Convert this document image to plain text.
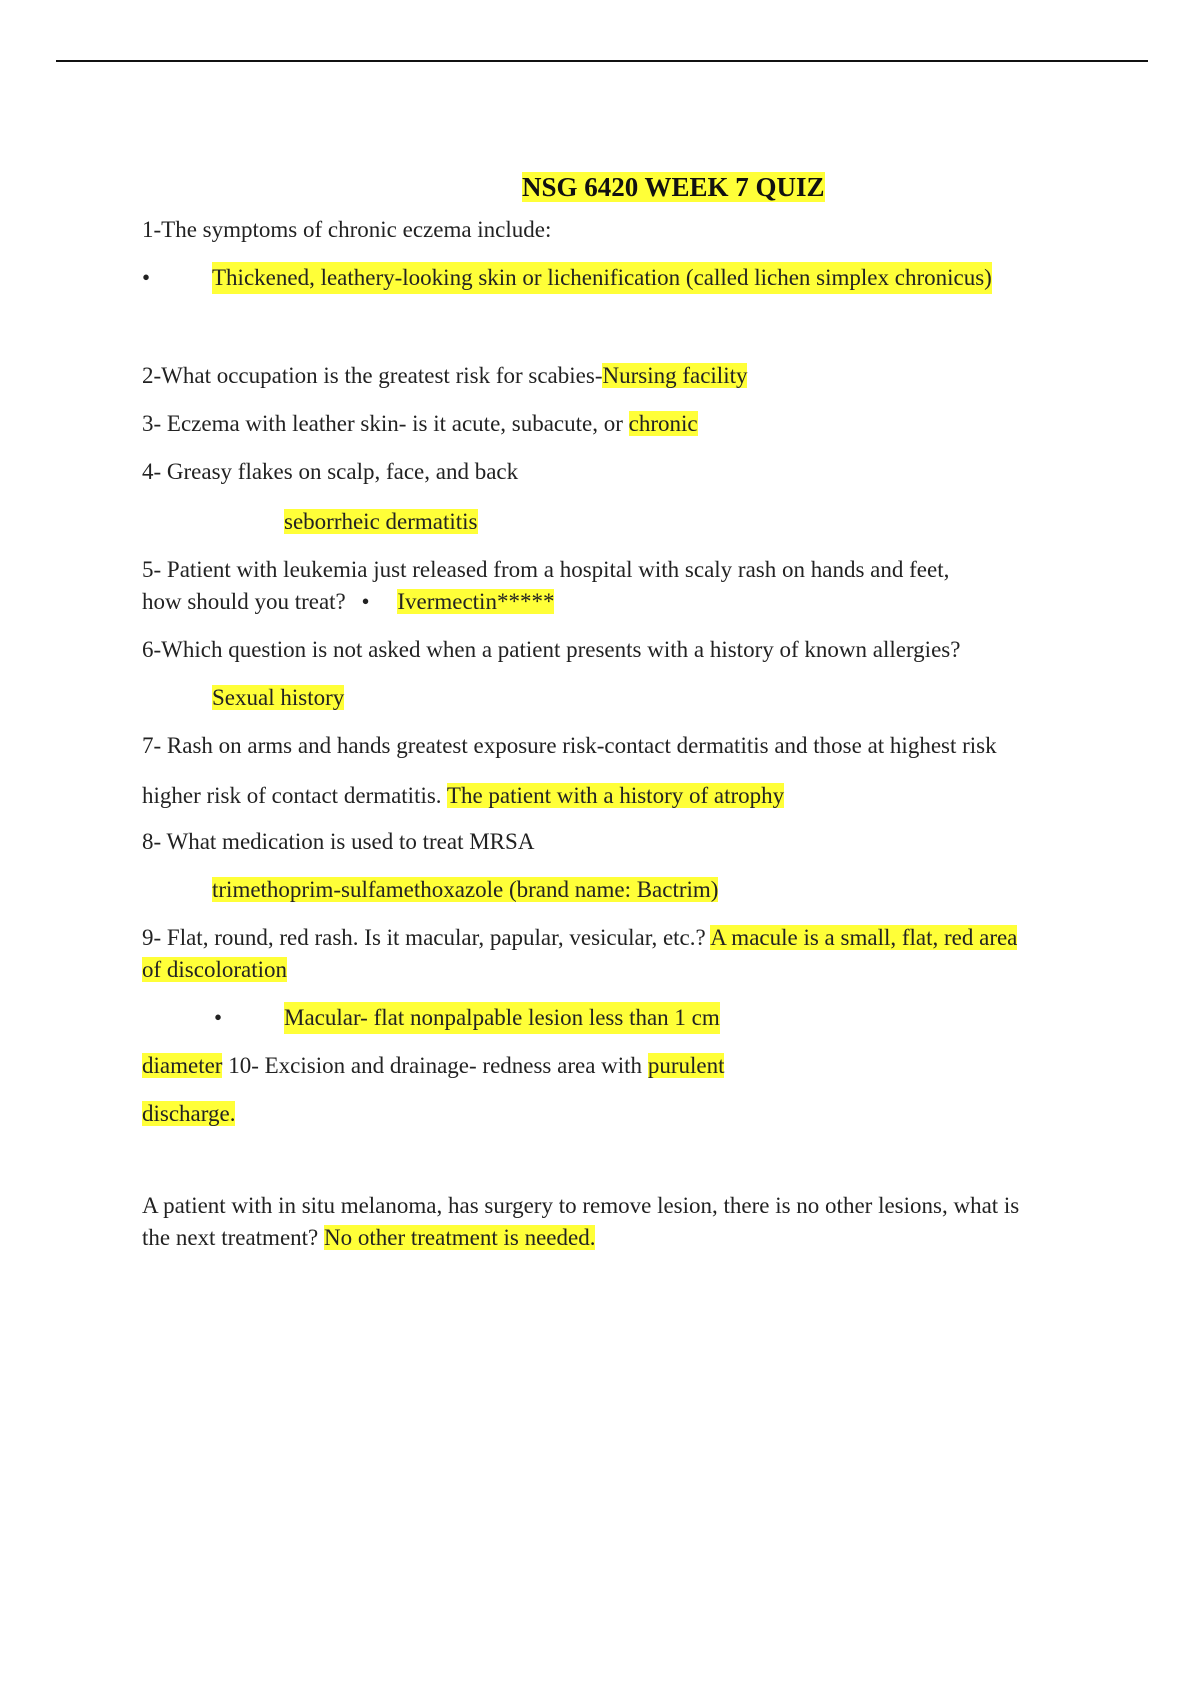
NSG 6420 WEEK 7 QUIZ
1-The symptoms of chronic eczema include:
•	Thickened, leathery-looking skin or lichenification (called lichen simplex chronicus)
2-What occupation is the greatest risk for scabies-Nursing facility
3- Eczema with leather skin- is it acute, subacute, or chronic
4- Greasy flakes on scalp, face, and back
seborrheic dermatitis
5- Patient with leukemia just released from a hospital with scaly rash on hands and feet,
how should you treat? • Ivermectin*****
6-Which question is not asked when a patient presents with a history of known allergies?
Sexual history
7- Rash on arms and hands greatest exposure risk-contact dermatitis and those at highest risk
higher risk of contact dermatitis. The patient with a history of atrophy
8- What medication is used to treat MRSA
trimethoprim-sulfamethoxazole (brand name: Bactrim)
9- Flat, round, red rash. Is it macular, papular, vesicular, etc.? A macule is a small, flat, red area
of discoloration
•	Macular- flat nonpalpable lesion less than 1 cm
diameter 10- Excision and drainage- redness area with purulent
discharge.
A patient with in situ melanoma, has surgery to remove lesion, there is no other lesions, what is
the next treatment? No other treatment is needed.
